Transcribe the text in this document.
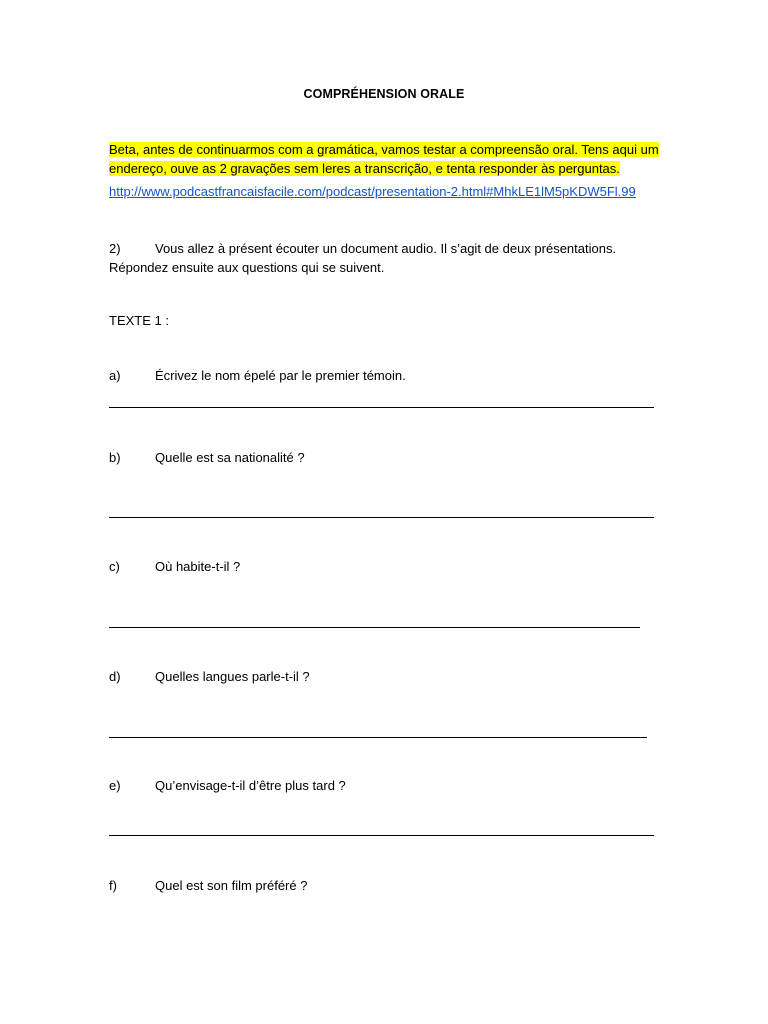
COMPRÉHENSION ORALE
Beta, antes de continuarmos com a gramática, vamos testar a compreensão oral. Tens aqui um endereço, ouve as 2 gravações sem leres a transcrição, e tenta responder às perguntas.
http://www.podcastfrancaisfacile.com/podcast/presentation-2.html#MhkLE1lM5pKDW5Fl.99
2)	Vous allez à présent écouter un document audio. Il s’agit de deux présentations.
Répondez ensuite aux questions qui se suivent.
TEXTE 1 :
a)	Écrivez le nom épelé par le premier témoin.
b)	Quelle est sa nationalité ?
c)	Où habite-t-il ?
d)	Quelles langues parle-t-il ?
e)	Qu’envisage-t-il d’être plus tard ?
f)	Quel est son film préféré ?
